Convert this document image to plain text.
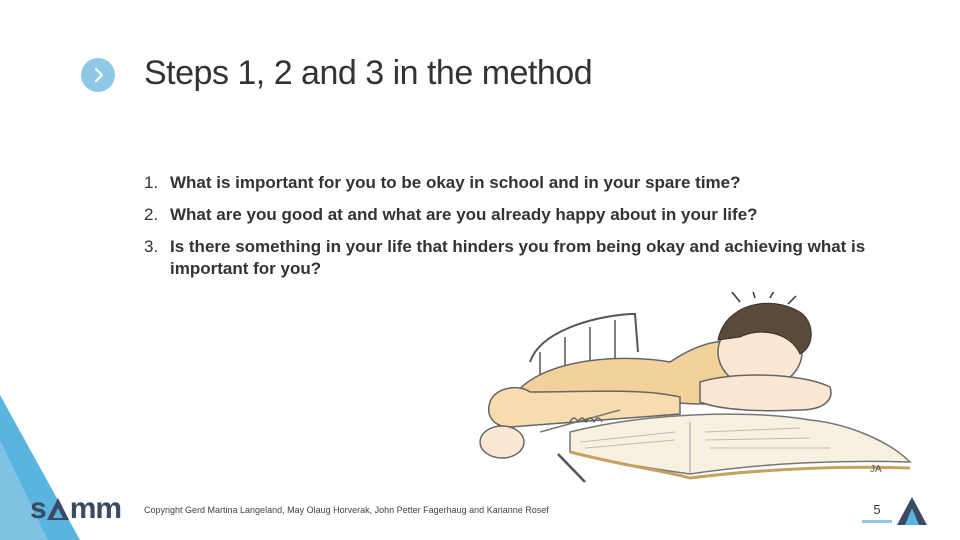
Steps 1, 2 and 3 in the method
1. What is important for you to be okay in school and in your spare time?
2. What are you good at and what are you already happy about in your life?
3. Is there something in your life that hinders you from being okay and achieving what is important for you?
JA
s mm	Copyright Gerd Martina Langeland, May Olaug Horverak, John Petter Fagerhaug and Karianne Rosef	5
